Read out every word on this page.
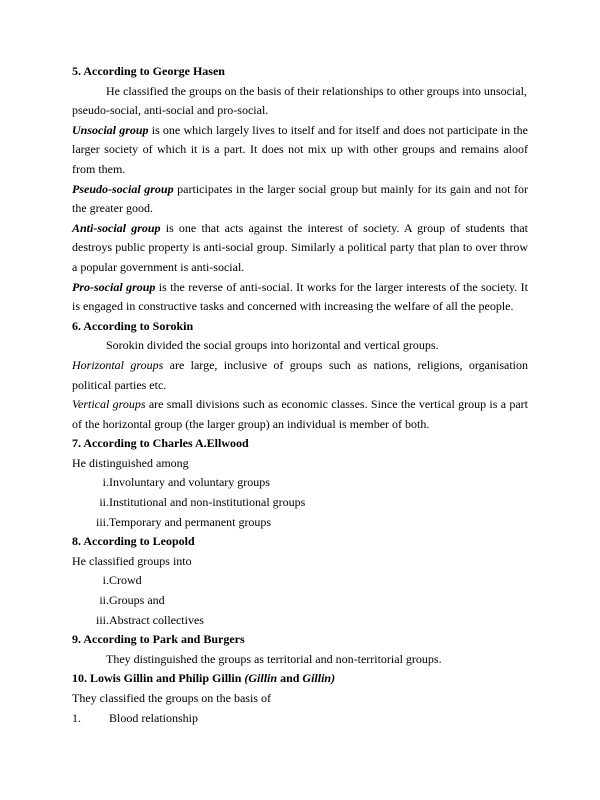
5. According to George Hasen

He classified the groups on the basis of their relationships to other groups into unsocial, pseudo-social, anti-social and pro-social.

Unsocial group is one which largely lives to itself and for itself and does not participate in the larger society of which it is a part. It does not mix up with other groups and remains aloof from them.

Pseudo-social group participates in the larger social group but mainly for its gain and not for the greater good.

Anti-social group is one that acts against the interest of society. A group of students that destroys public property is anti-social group. Similarly a political party that plan to over throw a popular government is anti-social.

Pro-social group is the reverse of anti-social. It works for the larger interests of the society. It is engaged in constructive tasks and concerned with increasing the welfare of all the people.

6. According to Sorokin

Sorokin divided the social groups into horizontal and vertical groups.

Horizontal groups are large, inclusive of groups such as nations, religions, organisation political parties etc.

Vertical groups are small divisions such as economic classes. Since the vertical group is a part of the horizontal group (the larger group) an individual is member of both.

7. According to Charles A.Ellwood

He distinguished among

i. Involuntary and voluntary groups
ii. Institutional and non-institutional groups
iii. Temporary and permanent groups

8. According to Leopold

He classified groups into

i. Crowd
ii. Groups and
iii. Abstract collectives

9. According to Park and Burgers

They distinguished the groups as territorial and non-territorial groups.

10. Lowis Gillin and Philip Gillin (Gillin and Gillin)

They classified the groups on the basis of

1. Blood relationship
